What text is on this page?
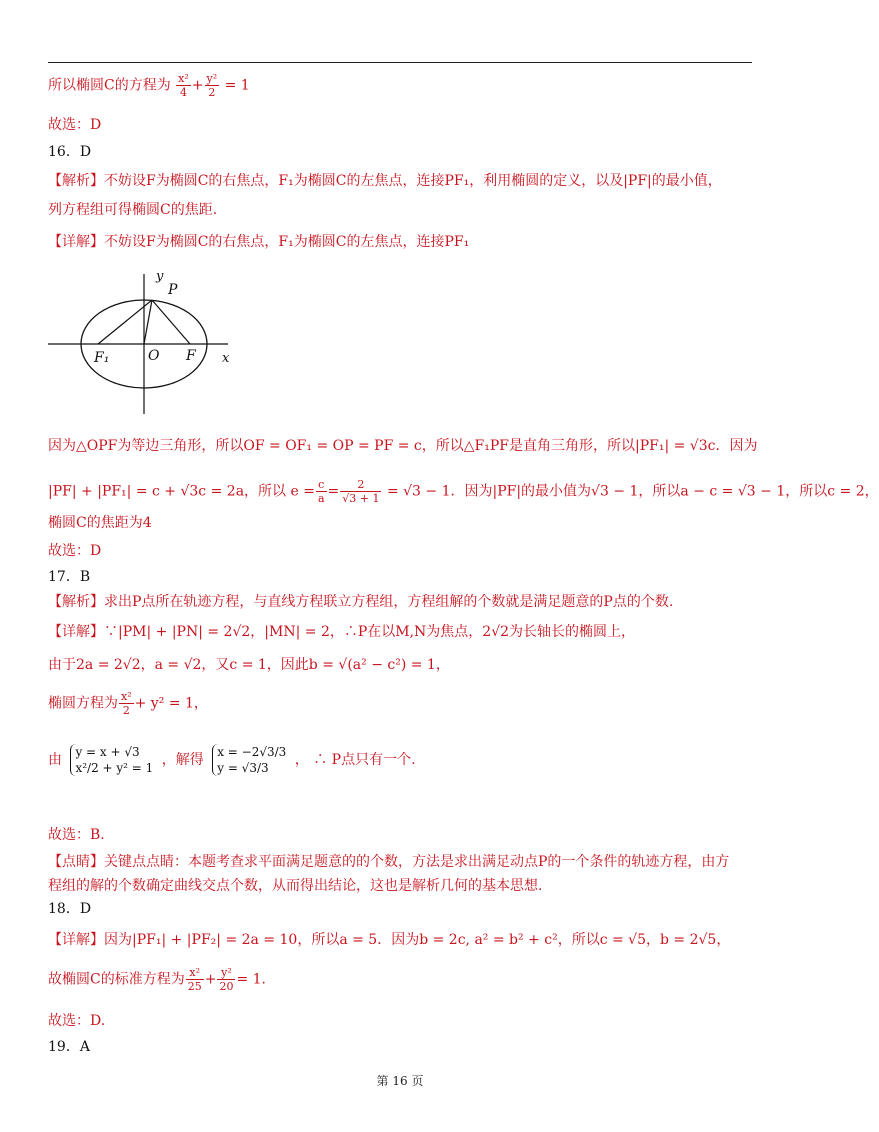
所以椭圆C的方程为 $\frac{\text{x²}}{4} + \frac{\text{y²}}{2} = 1$
故选：D
16．D
【解析】不妨设F为椭圆C的右焦点，F₁为椭圆C的左焦点，连接PF₁，利用椭圆的定义，以及|PF|的最小值，
列方程组可得椭圆C的焦距.
【详解】不妨设F为椭圆C的右焦点，F₁为椭圆C的左焦点，连接PF₁
y
x
P
F₁	O F
因为△OPF为等边三角形，所以OF = OF₁ = OP = PF = c，所以△F₁PF是直角三角形，所以|PF₁| = √3c．因为
|PF| + |PF₁| = c + √3c = 2a，所以 $e = \frac{c}{a} = \frac{2}{√3 + 1} = √3 - 1$．因为|PF|的最小值为√3 − 1，所以a − c = √3 − 1，所以c = 2，
椭圆C的焦距为4
故选：D
17．B
【解析】求出P点所在轨迹方程，与直线方程联立方程组，方程组解的个数就是满足题意的P点的个数.
【详解】∵|PM| + |PN| = 2√2，|MN| = 2，∴P在以M,N为焦点，2√2为长轴长的椭圆上，
由于2a = 2√2，a = √2，又c = 1，因此b = √(a² − c²) = 1，
椭圆方程为 $\frac{\text{x²}}{2} + y^2 = 1$，
由 y = x + √3
x²/2 + y² = 1 ，解得 x = −2√3/3
y = √3/3	， ∴ P点只有一个.
故选：B.
【点睛】关键点点睛：本题考查求平面满足题意的的个数，方法是求出满足动点P的一个条件的轨迹方程，由方
程组的解的个数确定曲线交点个数，从而得出结论，这也是解析几何的基本思想.
18．D
【详解】因为|PF₁| + |PF₂| = 2a = 10，所以a = 5．因为b = 2c, a² = b² + c²，所以c = √5，b = 2√5，
故椭圆C的标准方程为 $\frac{\text{x²}}{25} + \frac{\text{y²}}{20} = 1$．
故选：D.
19．A
第 16 页
